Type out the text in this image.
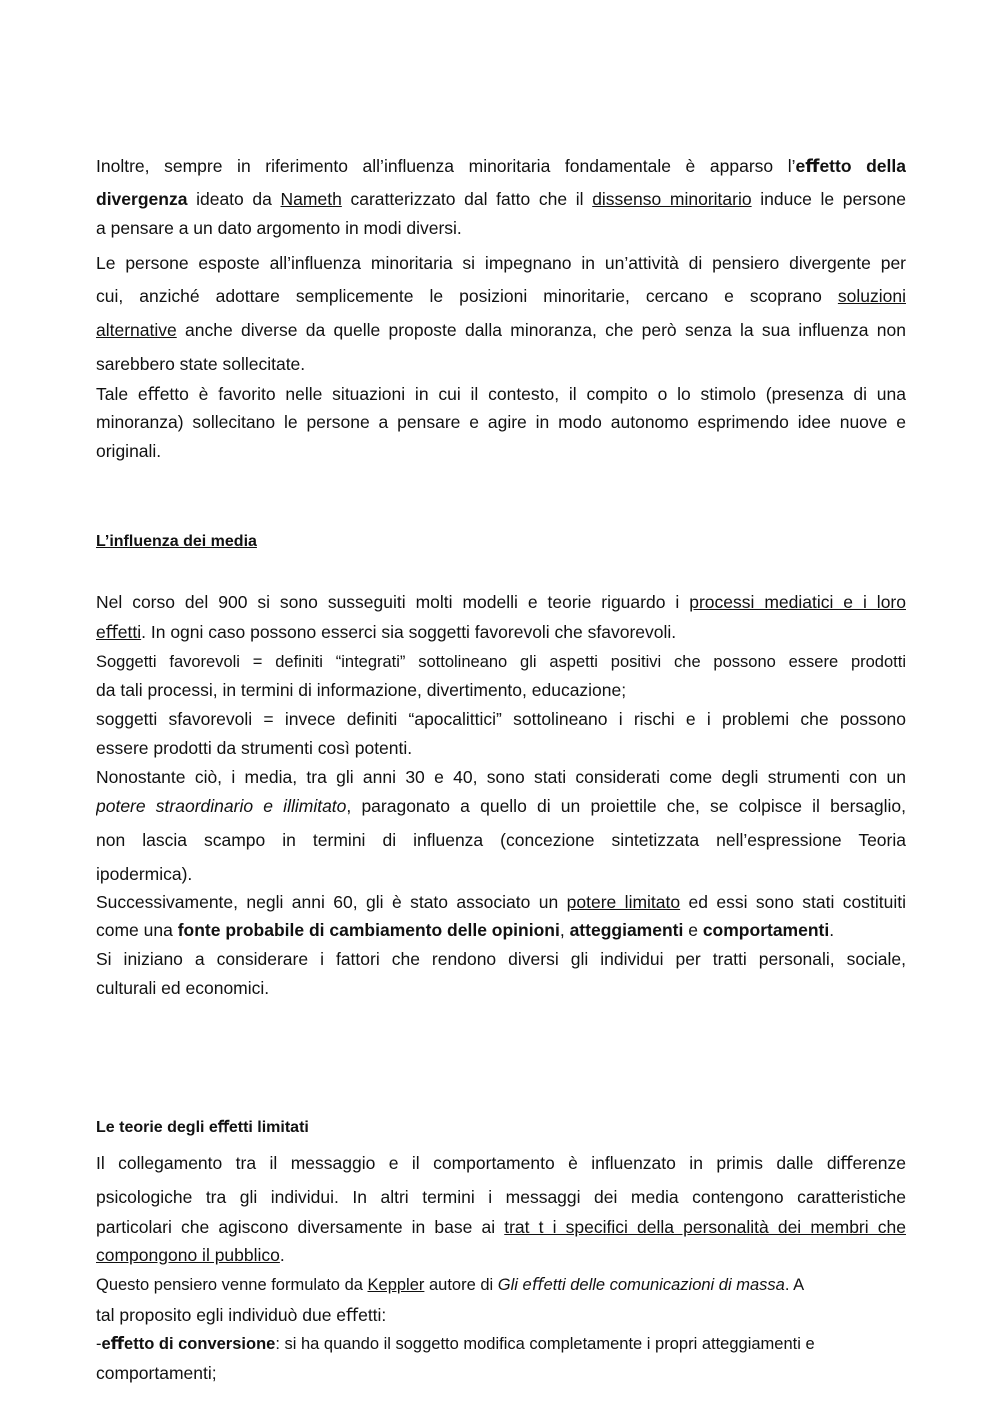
Inoltre, sempre in riferimento all’inﬂuenza minoritaria fondamentale è apparso l’eﬀetto della
divergenza ideato da Nameth caratterizzato dal fatto che il dissenso minoritario induce le persone
a pensare a un dato argomento in modi diversi.
Le persone esposte all’inﬂuenza minoritaria si impegnano in un’attività di pensiero divergente per
cui, anziché adottare semplicemente le posizioni minoritarie, cercano e scoprano soluzioni
alternative anche diverse da quelle proposte dalla minoranza, che però senza la sua inﬂuenza non
sarebbero state sollecitate.
Tale eﬀetto è favorito nelle situazioni in cui il contesto, il compito o lo stimolo (presenza di una
minoranza) sollecitano le persone a pensare e agire in modo autonomo esprimendo idee nuove e
originali.
L’inﬂuenza dei media
Nel corso del 900 si sono susseguiti molti modelli e teorie riguardo i processi mediatici e i loro
eﬀetti. In ogni caso possono esserci sia soggetti favorevoli che sfavorevoli.
Soggetti favorevoli = deﬁniti “integrati” sottolineano gli aspetti positivi che possono essere prodotti
da tali processi, in termini di informazione, divertimento, educazione;
soggetti sfavorevoli = invece deﬁniti “apocalittici” sottolineano i rischi e i problemi che possono
essere prodotti da strumenti così potenti.
Nonostante ciò, i media, tra gli anni 30 e 40, sono stati considerati come degli strumenti con un
potere straordinario e illimitato, paragonato a quello di un proiettile che, se colpisce il bersaglio,
non lascia scampo in termini di inﬂuenza (concezione sintetizzata nell’espressione Teoria
ipodermica).
Successivamente, negli anni 60, gli è stato associato un potere limitato ed essi sono stati costituiti
come una fonte probabile di cambiamento delle opinioni, atteggiamenti e comportamenti.
Si iniziano a considerare i fattori che rendono diversi gli individui per tratti personali, sociale,
culturali ed economici.
Le teorie degli eﬀetti limitati
Il collegamento tra il messaggio e il comportamento è inﬂuenzato in primis dalle diﬀerenze
psicologiche tra gli individui. In altri termini i messaggi dei media contengono caratteristiche
particolari che agiscono diversamente in base ai trat t i speciﬁci della personalità dei membri che
compongono il pubblico.
Questo pensiero venne formulato da Keppler autore di Gli eﬀetti delle comunicazioni di massa. A
tal proposito egli individuò due eﬀetti:
-eﬀetto di conversione: si ha quando il soggetto modiﬁca completamente i propri atteggiamenti e
comportamenti;
